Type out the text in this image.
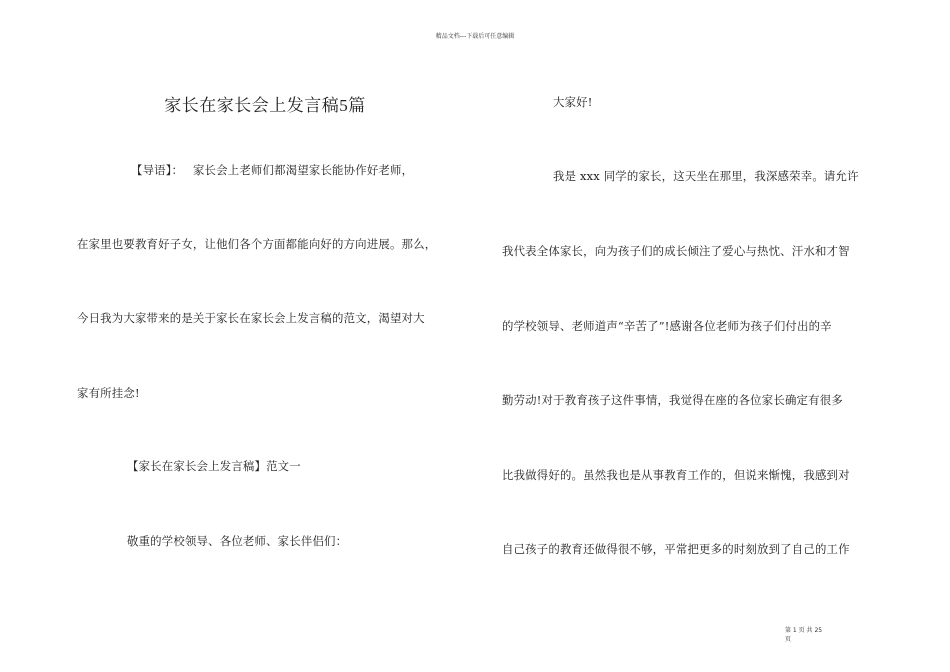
精品文档---下载后可任意编辑
家长在家长会上发言稿5篇
【导语】：　 家长会上老师们都渴望家长能协作好老师，
在家里也要教育好子女，让他们各个方面都能向好的方向进展。那么，
今日我为大家带来的是关于家长在家长会上发言稿的范文，渴望对大
家有所挂念!
【家长在家长会上发言稿】范文一
敬重的学校领导、各位老师、家长伴侣们：
大家好!
我是 xxx 同学的家长，这天坐在那里，我深感荣幸。请允许
我代表全体家长，向为孩子们的成长倾注了爱心与热忱、汗水和才智
的学校领导、老师道声“辛苦了”!感谢各位老师为孩子们付出的辛
勤劳动!对于教育孩子这件事情，我觉得在座的各位家长确定有很多
比我做得好的。虽然我也是从事教育工作的，但说来惭愧，我感到对
自己孩子的教育还做得很不够，平常把更多的时刻放到了自己的工作
第 1 页 共 25
页
